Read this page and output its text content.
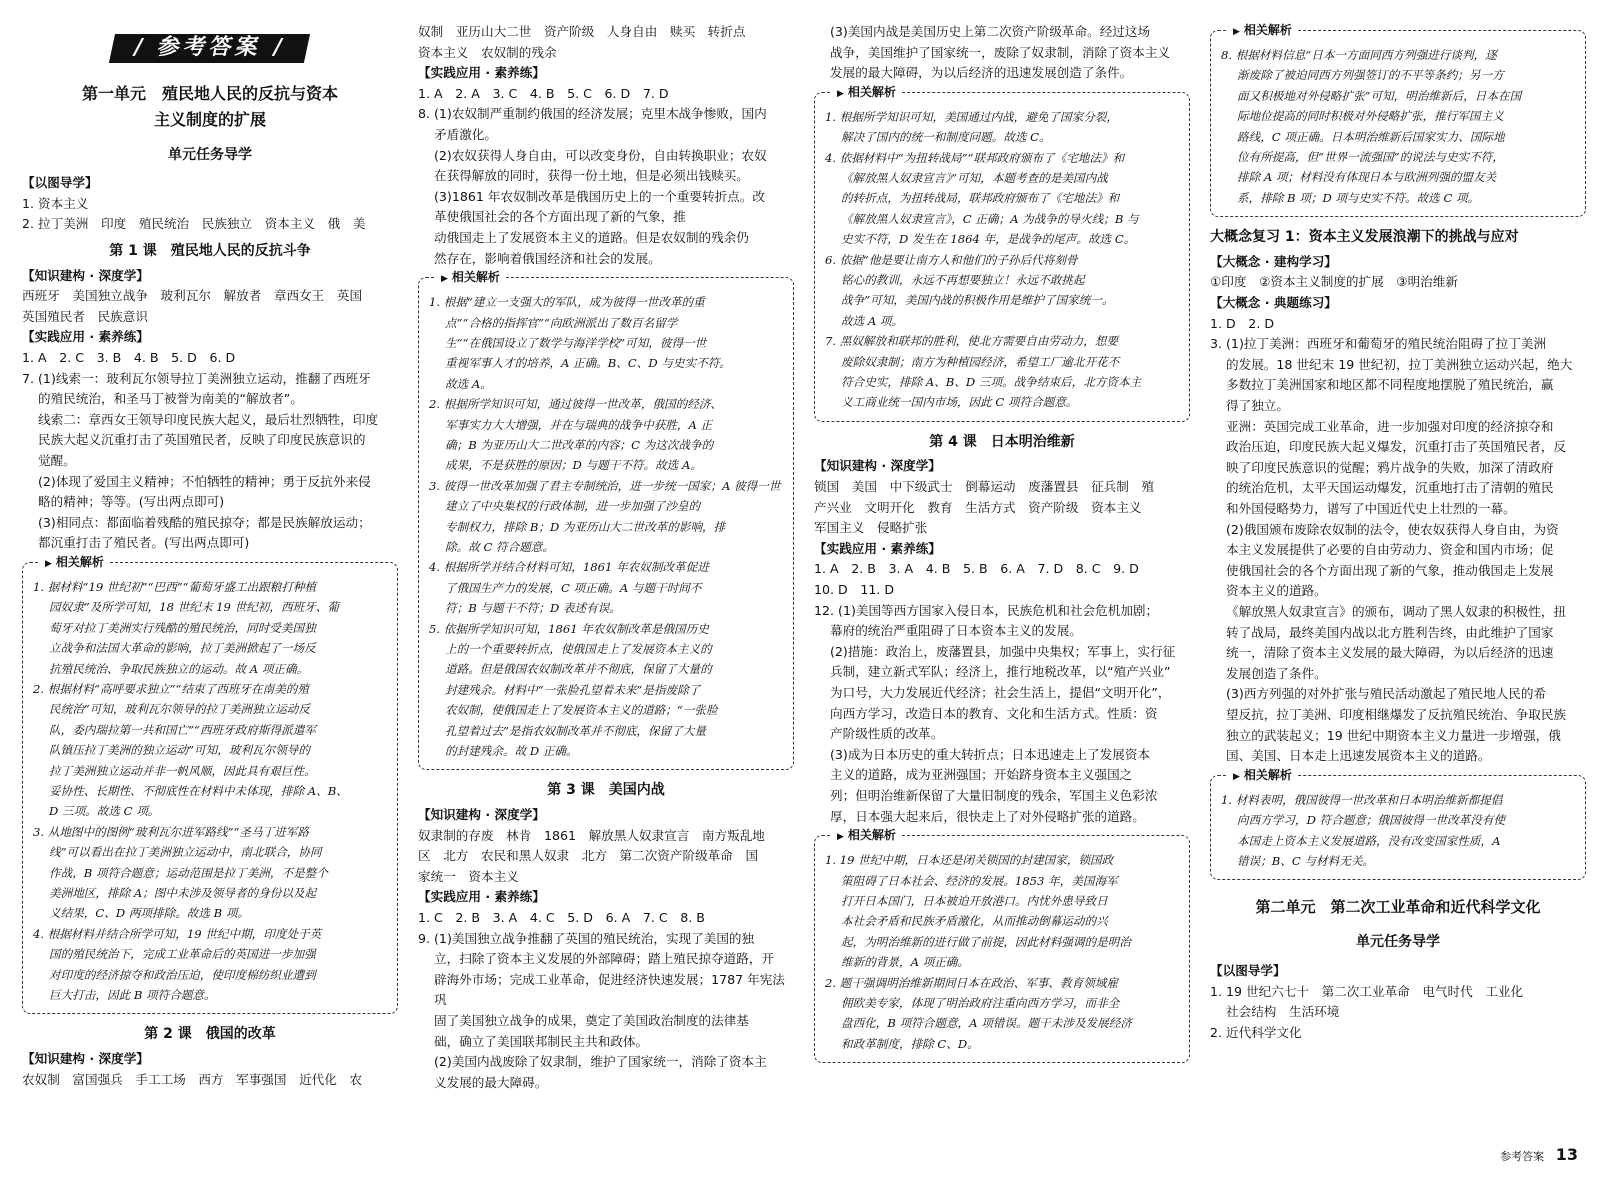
/ 参考答案 /
第一单元　殖民地人民的反抗与资本
主义制度的扩展
单元任务导学
【以图导学】

1. 资本主义

2. 拉丁美洲　印度　殖民统治　民族独立　资本主义　俄　美

第 1 课　殖民地人民的反抗斗争
【知识建构 · 深度学】

西班牙　美国独立战争　玻利瓦尔　解放者　章西女王　英国

英国殖民者　民族意识

【实践应用 · 素养练】

1. A　2. C　3. B　4. B　5. D　6. D

7. (1)线索一：玻利瓦尔领导拉丁美洲独立运动，推翻了西班牙

的殖民统治，和圣马丁被誉为南美的“解放者”。

线索二：章西女王领导印度民族大起义，最后壮烈牺牲，印度

民族大起义沉重打击了英国殖民者，反映了印度民族意识的

觉醒。

(2)体现了爱国主义精神；不怕牺牲的精神；勇于反抗外来侵

略的精神；等等。(写出两点即可)

(3)相同点：都面临着残酷的殖民掠夺；都是民族解放运动；

都沉重打击了殖民者。(写出两点即可)

▶ 相关解析

1. 据材料“19 世纪初”“巴西”“葡萄牙盛工出跟粮打种植

园奴隶”及所学可知，18 世纪末 19 世纪初，西班牙、葡

萄牙对拉丁美洲实行残酷的殖民统治，同时受美国独

立战争和法国大革命的影响，拉丁美洲掀起了一场反

抗殖民统治、争取民族独立的运动。故 A 项正确。

2. 根据材料“高呼要求独立”“结束了西班牙在南美的殖

民统治”可知，玻利瓦尔领导的拉丁美洲独立运动反

队，委内瑞拉第一共和国亡”“西班牙政府斯得派遣军

队镇压拉丁美洲的独立运动”可知，玻利瓦尔领导的

拉丁美洲独立运动并非一帆风顺，因此具有艰巨性。

妥协性、长期性、不彻底性在材料中未体现，排除 A、B、

D 三项。故选 C 项。

3. 从地图中的图例“玻利瓦尔进军路线”“圣马丁进军路

线”可以看出在拉丁美洲独立运动中，南北联合，协同

作战，B 项符合题意；运动范围是拉丁美洲，不是整个

美洲地区，排除 A；图中未涉及领导者的身份以及起

义结果，C、D 两项排除。故选 B 项。

4. 根据材料并结合所学可知，19 世纪中期，印度处于英

国的殖民统治下，完成工业革命后的英国进一步加强

对印度的经济掠夺和政治压迫，使印度棉纺织业遭到

巨大打击，因此 B 项符合题意。

第 2 课　俄国的改革
【知识建构 · 深度学】

农奴制　富国强兵　手工工场　西方　军事强国　近代化　农

奴制　亚历山大二世　资产阶级　人身自由　赎买　转折点

资本主义　农奴制的残余

【实践应用 · 素养练】

1. A　2. A　3. C　4. B　5. C　6. D　7. D

8. (1)农奴制严重制约俄国的经济发展；克里木战争惨败，国内

矛盾激化。

(2)农奴获得人身自由，可以改变身份，自由转换职业；农奴

在获得解放的同时，获得一份土地，但是必须出钱赎买。

(3)1861 年农奴制改革是俄国历史上的一个重要转折点。改

革使俄国社会的各个方面出现了新的气象，推

动俄国走上了发展资本主义的道路。但是农奴制的残余仍

然存在，影响着俄国经济和社会的发展。

▶ 相关解析

1. 根据“建立一支强大的军队，成为彼得一世改革的重

点”“合格的指挥官”“向欧洲派出了数百名留学

生”“在俄国设立了数学与海洋学校”可知，彼得一世

重视军事人才的培养，A 正确。B、C、D 与史实不符。

故选 A。

2. 根据所学知识可知，通过彼得一世改革，俄国的经济、

军事实力大大增强，并在与瑞典的战争中获胜，A 正

确；B 为亚历山大二世改革的内容；C 为这次战争的

成果，不是获胜的原因；D 与题干不符。故选 A。

3. 彼得一世改革加强了君主专制统治，进一步统一国家；A 彼得一世

建立了中央集权的行政体制，进一步加强了沙皇的

专制权力，排除 B；D 为亚历山大二世改革的影响，排

除。故 C 符合题意。

4. 根据所学并结合材料可知，1861 年农奴制改革促进

了俄国生产力的发展，C 项正确。A 与题干时间不

符；B 与题干不符；D 表述有误。

5. 依据所学知识可知，1861 年农奴制改革是俄国历史

上的一个重要转折点，使俄国走上了发展资本主义的

道路。但是俄国农奴制改革并不彻底，保留了大量的

封建残余。材料中“一张脸孔望着未来”是指废除了

农奴制，使俄国走上了发展资本主义的道路；“一张脸

孔望着过去”是指农奴制改革并不彻底，保留了大量

的封建残余。故 D 正确。

第 3 课　美国内战
【知识建构 · 深度学】

奴隶制的存废　林肯　1861　解放黑人奴隶宣言　南方叛乱地

区　北方　农民和黑人奴隶　北方　第二次资产阶级革命　国

家统一　资本主义

【实践应用 · 素养练】

1. C　2. B　3. A　4. C　5. D　6. A　7. C　8. B

9. (1)美国独立战争推翻了英国的殖民统治，实现了美国的独

立，扫除了资本主义发展的外部障碍；踏上殖民掠夺道路，开

辟海外市场；完成工业革命，促进经济快速发展；1787 年宪法巩

固了美国独立战争的成果，奠定了美国政治制度的法律基

础，确立了美国联邦制民主共和政体。

(2)美国内战废除了奴隶制，维护了国家统一，消除了资本主

义发展的最大障碍。

(3)美国内战是美国历史上第二次资产阶级革命。经过这场

战争，美国维护了国家统一，废除了奴隶制，消除了资本主义

发展的最大障碍，为以后经济的迅速发展创造了条件。

▶ 相关解析

1. 根据所学知识可知，美国通过内战，避免了国家分裂，

解决了国内的统一和制度问题。故选 C。

4. 依据材料中“为扭转战局”“联邦政府颁布了《宅地法》和

《解放黑人奴隶宣言》”可知，本题考查的是美国内战

的转折点，为扭转战局，联邦政府颁布了《宅地法》和

《解放黑人奴隶宣言》，C 正确；A 为战争的导火线；B 与

史实不符，D 发生在 1864 年，是战争的尾声。故选 C。

6. 依据“他是要让南方人和他们的子孙后代将刻骨

铭心的教训，永远不再想要独立！永远不敢挑起

战争”可知，美国内战的积极作用是维护了国家统一。

故选 A 项。

7. 黑奴解放和联邦的胜利，使北方需要自由劳动力，想要

废除奴隶制；南方为种植园经济，希望工厂逾北开花不

符合史实，排除 A、B、D 三项。战争结束后，北方资本主

义工商业统一国内市场，因此 C 项符合题意。

第 4 课　日本明治维新
【知识建构 · 深度学】

锁国　美国　中下级武士　倒幕运动　废藩置县　征兵制　殖

产兴业　文明开化　教育　生活方式　资产阶级　资本主义

军国主义　侵略扩张

【实践应用 · 素养练】

1. A　2. B　3. A　4. B　5. B　6. A　7. D　8. C　9. D

10. D　11. D

12. (1)美国等西方国家入侵日本，民族危机和社会危机加剧；

幕府的统治严重阻碍了日本资本主义的发展。

(2)措施：政治上，废藩置县，加强中央集权；军事上，实行征

兵制，建立新式军队；经济上，推行地税改革，以“殖产兴业”

为口号，大力发展近代经济；社会生活上，提倡“文明开化”，

向西方学习，改造日本的教育、文化和生活方式。性质：资

产阶级性质的改革。

(3)成为日本历史的重大转折点；日本迅速走上了发展资本

主义的道路，成为亚洲强国；开始跻身资本主义强国之

列；但明治维新保留了大量旧制度的残余，军国主义色彩浓

厚，日本强大起来后，很快走上了对外侵略扩张的道路。

▶ 相关解析

1. 19 世纪中期，日本还是闭关锁国的封建国家，锁国政

策阻碍了日本社会、经济的发展。1853 年，美国海军

打开日本国门，日本被迫开放港口。内忧外患导致日

本社会矛盾和民族矛盾激化，从而推动倒幕运动的兴

起，为明治维新的进行做了前提，因此材料强调的是明治

维新的背景，A 项正确。

2. 题干强调明治维新期间日本在政治、军事、教育领域雇

佣欧美专家，体现了明治政府注重向西方学习，而非全

盘西化，B 项符合题意，A 项错误。题干未涉及发展经济

和政革制度，排除 C、D。

▶ 相关解析

8. 根据材料信息“日本一方面同西方列强进行谈判，逐

渐废除了被迫同西方列强签订的不平等条约；另一方

面又积极地对外侵略扩张”可知，明治维新后，日本在国

际地位提高的同时积极对外侵略扩张，推行军国主义

路线，C 项正确。日本明治维新后国家实力、国际地

位有所提高，但“世界一流强国”的说法与史实不符，

排除 A 项；材料没有体现日本与欧洲列强的盟友关

系，排除 B 项；D 项与史实不符。故选 C 项。

大概念复习 1：资本主义发展浪潮下的挑战与应对
【大概念 · 建构学习】

①印度　②资本主义制度的扩展　③明治维新

【大概念 · 典题练习】

1. D　2. D

3. (1)拉丁美洲：西班牙和葡萄牙的殖民统治阻碍了拉丁美洲

的发展。18 世纪末 19 世纪初，拉丁美洲独立运动兴起，绝大

多数拉丁美洲国家和地区都不同程度地摆脱了殖民统治，赢

得了独立。

亚洲：英国完成工业革命，进一步加强对印度的经济掠夺和

政治压迫，印度民族大起义爆发，沉重打击了英国殖民者，反

映了印度民族意识的觉醒；鸦片战争的失败，加深了清政府

的统治危机，太平天国运动爆发，沉重地打击了清朝的殖民

和外国侵略势力，谱写了中国近代史上壮烈的一幕。

(2)俄国颁布废除农奴制的法令，使农奴获得人身自由，为资

本主义发展提供了必要的自由劳动力、资金和国内市场；促

使俄国社会的各个方面出现了新的气象，推动俄国走上发展

资本主义的道路。

《解放黑人奴隶宣言》的颁布，调动了黑人奴隶的积极性，扭

转了战局，最终美国内战以北方胜利告终，由此维护了国家

统一，清除了资本主义发展的最大障碍，为以后经济的迅速

发展创造了条件。

(3)西方列强的对外扩张与殖民活动激起了殖民地人民的希

望反抗，拉丁美洲、印度相继爆发了反抗殖民统治、争取民族

独立的武装起义；19 世纪中期资本主义力量进一步增强，俄

国、美国、日本走上迅速发展资本主义的道路。

▶ 相关解析

1. 材料表明，俄国彼得一世改革和日本明治维新都提倡

向西方学习，D 符合题意；俄国彼得一世改革没有使

本国走上资本主义发展道路，没有改变国家性质，A

错误；B、C 与材料无关。

第二单元　第二次工业革命和近代科学文化
单元任务导学
【以图导学】

1. 19 世纪六七十　第二次工业革命　电气时代　工业化

社会结构　生活环境

2. 近代科学文化

参考答案 13
